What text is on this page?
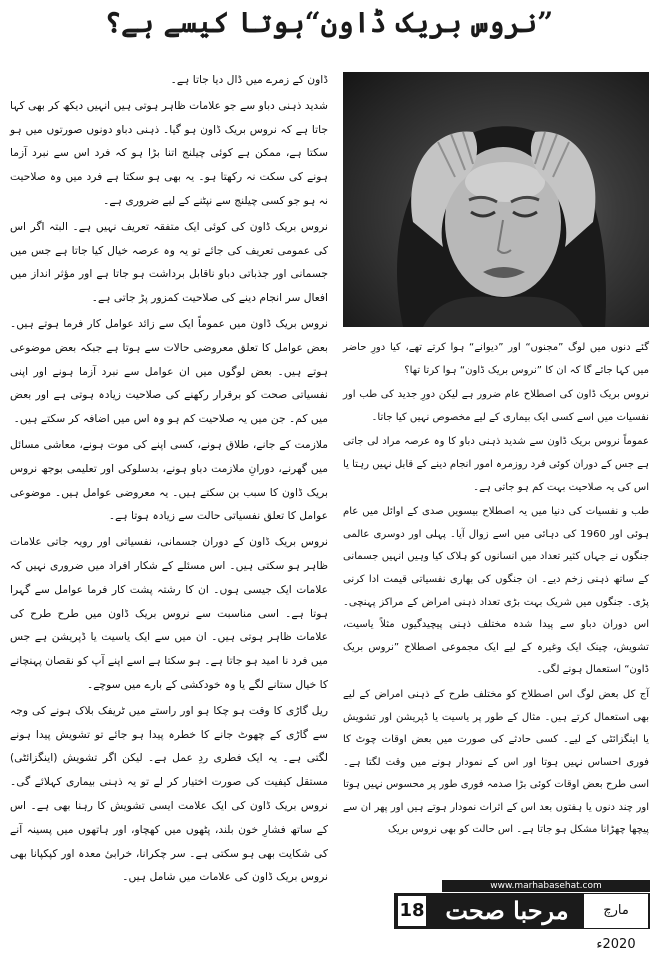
”نروس بریک ڈاون“ہوتا کیسے ہے؟

گئے دنوں میں لوگ ”مجنوں“ اور ”دیوانے“ ہوا کرتے تھے، کیا دورِ حاضر میں کہا جائے گا کہ ان کا ”نروس بریک ڈاون“ ہوا کرتا تھا؟

نروس بریک ڈاون کی اصطلاح عام ضرور ہے لیکن دورِ جدید کی طب اور نفسیات میں اسے کسی ایک بیماری کے لیے مخصوص نہیں کیا جاتا۔

عموماً نروس بریک ڈاون سے شدید ذہنی دباو کا وہ عرصہ مراد لی جاتی ہے جس کے دوران کوئی فرد روزمرہ امور انجام دینے کے قابل نہیں رہتا یا اس کی یہ صلاحیت بہت کم ہو جاتی ہے۔

طب و نفسیات کی دنیا میں یہ اصطلاح بیسویں صدی کے اوائل میں عام ہوئی اور 1960 کی دہائی میں اسے زوال آیا۔ پہلی اور دوسری عالمی جنگوں نے جہاں کثیر تعداد میں انسانوں کو ہلاک کیا وہیں انہیں جسمانی کے ساتھ ذہنی زخم دیے۔ ان جنگوں کی بھاری نفسیاتی قیمت ادا کرنی پڑی۔ جنگوں میں شریک بہت بڑی تعداد ذہنی امراض کے مراکز پہنچی۔ اس دوران دباو سے پیدا شدہ مختلف ذہنی پیچیدگیوں مثلاً یاسیت، تشویش، چینک ایک وغیرہ کے لیے ایک مجموعی اصطلاح ”نروس بریک ڈاون“ استعمال ہونے لگی۔

آج کل بعض لوگ اس اصطلاح کو مختلف طرح کے ذہنی امراض کے لیے بھی استعمال کرتے ہیں۔ مثال کے طور پر یاسیت یا ڈپریشن اور تشویش یا اینگزائٹی کے لیے۔ کسی حادثے کی صورت میں بعض اوقات چوٹ کا فوری احساس نہیں ہوتا اور اس کے نمودار ہونے میں وقت لگتا ہے۔ اسی طرح بعض اوقات کوئی بڑا صدمہ فوری طور پر محسوس نہیں ہوتا اور چند دنوں یا ہفتوں بعد اس کے اثرات نمودار ہوتے ہیں اور پھر ان سے پیچھا چھڑانا مشکل ہو جاتا ہے۔ اس حالت کو بھی نروس بریک

ڈاون کے زمرے میں ڈال دیا جاتا ہے۔

شدید ذہنی دباو سے جو علامات ظاہر ہوتی ہیں انہیں دیکھ کر بھی کہا جاتا ہے کہ نروس بریک ڈاون ہو گیا۔ ذہنی دباو دونوں صورتوں میں ہو سکتا ہے، ممکن ہے کوئی چیلنج اتنا بڑا ہو کہ فرد اس سے نبرد آزما ہونے کی سکت نہ رکھتا ہو۔ یہ بھی ہو سکتا ہے فرد میں وہ صلاحیت نہ ہو جو کسی چیلنج سے نپٹنے کے لیے ضروری ہے۔

نروس بریک ڈاون کی کوئی ایک متفقہ تعریف نہیں ہے۔ البتہ اگر اس کی عمومی تعریف کی جائے تو یہ وہ عرصہ خیال کیا جاتا ہے جس میں جسمانی اور جذباتی دباو ناقابل برداشت ہو جاتا ہے اور مؤثر انداز میں افعال سر انجام دینے کی صلاحیت کمزور پڑ جاتی ہے۔

نروس بریک ڈاون میں عموماً ایک سے زائد عوامل کار فرما ہوتے ہیں۔ بعض عوامل کا تعلق معروضی حالات سے ہوتا ہے جبکہ بعض موضوعی ہوتے ہیں۔ بعض لوگوں میں ان عوامل سے نبرد آزما ہونے اور اپنی نفسیاتی صحت کو برقرار رکھنے کی صلاحیت زیادہ ہوتی ہے اور بعض میں کم۔ جن میں یہ صلاحیت کم ہو وہ اس میں اضافہ کر سکتے ہیں۔

ملازمت کے جانے، طلاق ہونے، کسی اپنے کی موت ہونے، معاشی مسائل میں گھرنے، دورانِ ملازمت دباو ہونے، بدسلوکی اور تعلیمی بوجھ نروس بریک ڈاون کا سبب بن سکتے ہیں۔ یہ معروضی عوامل ہیں۔ موضوعی عوامل کا تعلق نفسیاتی حالت سے زیادہ ہوتا ہے۔

نروس بریک ڈاون کے دوران جسمانی، نفسیاتی اور رویہ جاتی علامات ظاہر ہو سکتی ہیں۔ اس مسئلے کے شکار افراد میں ضروری نہیں کہ علامات ایک جیسی ہوں۔ ان کا رشتہ پشت کار فرما عوامل سے گہرا ہوتا ہے۔ اسی مناسبت سے نروس بریک ڈاون میں طرح طرح کی علامات ظاہر ہوتی ہیں۔ ان میں سے ایک یاسیت یا ڈپریشن ہے جس میں فرد نا امید ہو جاتا ہے۔ ہو سکتا ہے اسے اپنے آپ کو نقصان پہنچانے کا خیال ستانے لگے یا وہ خودکشی کے بارے میں سوچے۔

ریل گاڑی کا وقت ہو چکا ہو اور راستے میں ٹریفک بلاک ہونے کی وجہ سے گاڑی کے چھوٹ جانے کا خطرہ پیدا ہو جائے تو تشویش پیدا ہونے لگتی ہے۔ یہ ایک فطری ردِ عمل ہے۔ لیکن اگر تشویش (اینگزائٹی) مستقل کیفیت کی صورت اختیار کر لے تو یہ ذہنی بیماری کہلائے گی۔ نروس بریک ڈاون کی ایک علامت ایسی تشویش کا رہنا بھی ہے۔ اس کے ساتھ فشارِ خون بلند، پٹھوں میں کھچاو، اور ہاتھوں میں پسینہ آنے کی شکایت بھی ہو سکتی ہے۔ سر چکرانا، خرابیٔ معدہ اور کپکپانا بھی نروس بریک ڈاون کی علامات میں شامل ہیں۔

www.marhabasehat.com
18 مرحبا صحت	مارچ 2020ء
